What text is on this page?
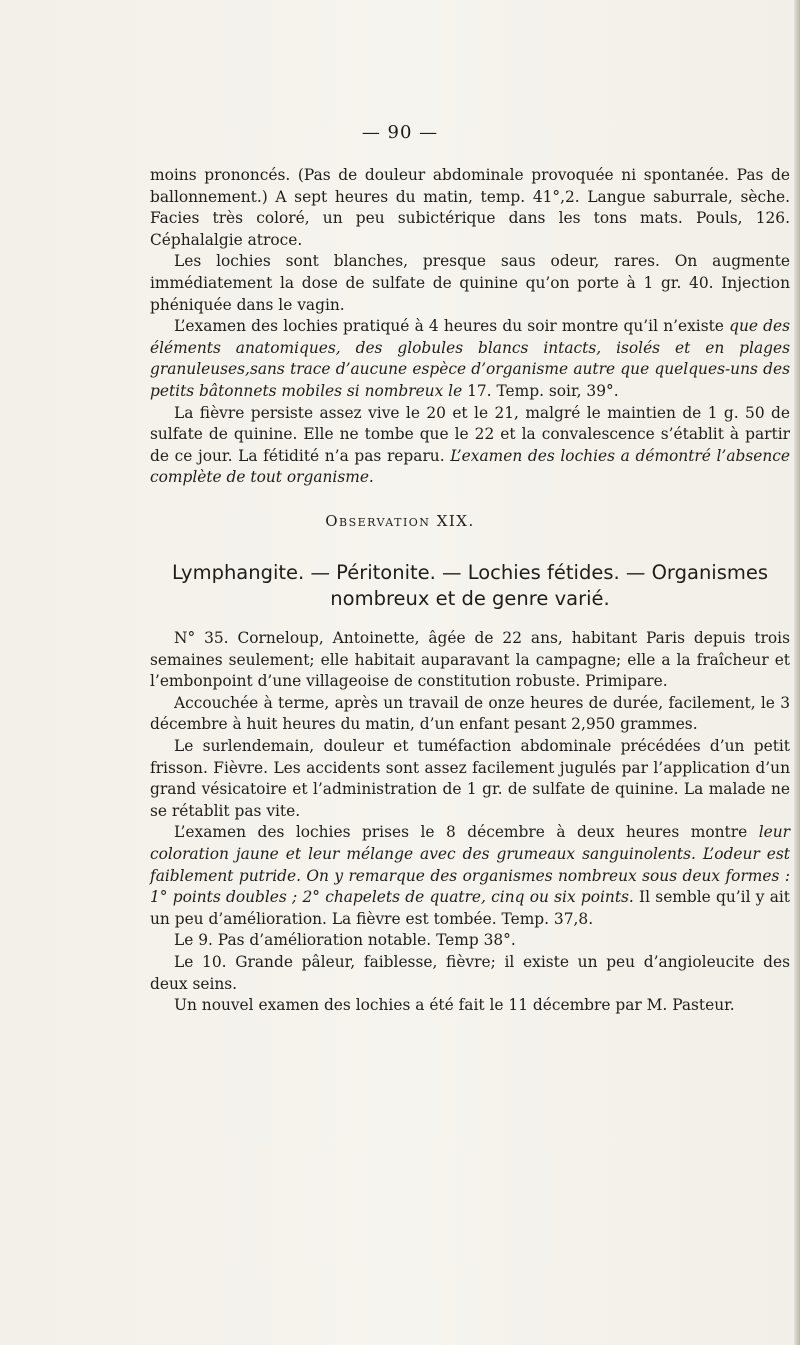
— 90 —

moins prononcés. (Pas de douleur abdominale provoquée ni spontanée. Pas de ballonnement.) A sept heures du matin, temp. 41°,2. Langue saburrale, sèche. Facies très coloré, un peu subictérique dans les tons mats. Pouls, 126. Céphalalgie atroce.

Les lochies sont blanches, presque saus odeur, rares. On augmente immédiatement la dose de sulfate de quinine qu’on porte à 1 gr. 40. Injection phéniquée dans le vagin.

L’examen des lochies pratiqué à 4 heures du soir montre qu’il n’existe que des éléments anatomiques, des globules blancs intacts, isolés et en plages granuleuses,sans trace d’aucune espèce d’organisme autre que quelques-uns des petits bâtonnets mobiles si nombreux le 17. Temp. soir, 39°.

La fièvre persiste assez vive le 20 et le 21, malgré le maintien de 1 g. 50 de sulfate de quinine. Elle ne tombe que le 22 et la convalescence s’établit à partir de ce jour. La fétidité n’a pas reparu. L’examen des lochies a démontré l’absence complète de tout organisme.

Observation XIX.
Lymphangite. — Péritonite. — Lochies fétides. — Organismes nombreux et de genre varié.

N° 35. Corneloup, Antoinette, âgée de 22 ans, habitant Paris depuis trois semaines seulement; elle habitait auparavant la campagne; elle a la fraîcheur et l’embonpoint d’une villageoise de constitution robuste. Primipare.

Accouchée à terme, après un travail de onze heures de durée, facilement, le 3 décembre à huit heures du matin, d’un enfant pesant 2,950 grammes.

Le surlendemain, douleur et tuméfaction abdominale précédées d’un petit frisson. Fièvre. Les accidents sont assez facilement jugulés par l’application d’un grand vésicatoire et l’administration de 1 gr. de sulfate de quinine. La malade ne se rétablit pas vite.

L’examen des lochies prises le 8 décembre à deux heures montre leur coloration jaune et leur mélange avec des grumeaux sanguinolents. L’odeur est faiblement putride. On y remarque des organismes nombreux sous deux formes : 1° points doubles ; 2° chapelets de quatre, cinq ou six points. Il semble qu’il y ait un peu d’amélioration. La fièvre est tombée. Temp. 37,8.

Le 9. Pas d’amélioration notable. Temp 38°.

Le 10. Grande pâleur, faiblesse, fièvre; il existe un peu d’angioleucite des deux seins.

Un nouvel examen des lochies a été fait le 11 décembre par M. Pasteur.
